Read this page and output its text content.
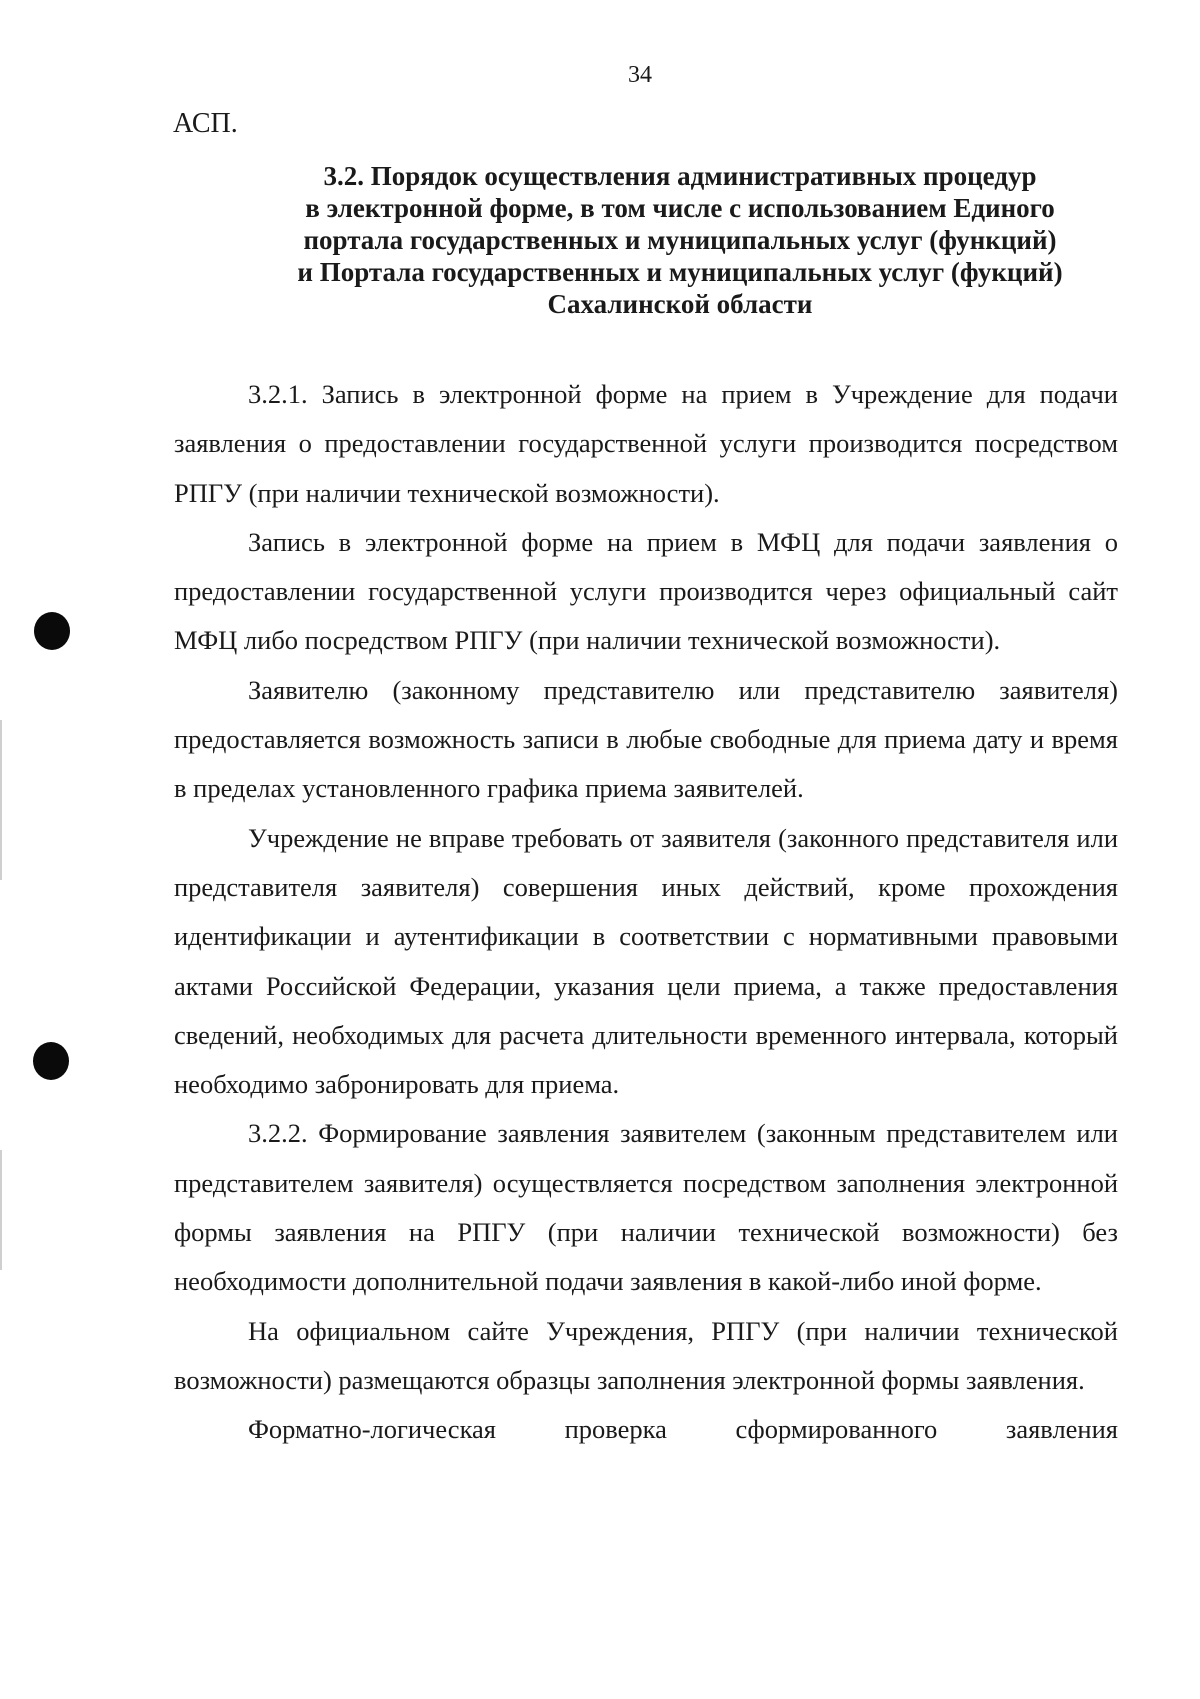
34
АСП.
3.2. Порядок осуществления административных процедур
в электронной форме, в том числе с использованием Единого
портала государственных и муниципальных услуг (функций)
и Портала государственных и муниципальных услуг (фукций)
Сахалинской области

3.2.1. Запись в электронной форме на прием в Учреждение для подачи заявления о предоставлении государственной услуги производится посредством РПГУ (при наличии технической возможности).

Запись в электронной форме на прием в МФЦ для подачи заявления о предоставлении государственной услуги производится через официальный сайт МФЦ либо посредством РПГУ (при наличии технической возможности).

Заявителю (законному представителю или представителю заявителя) предоставляется возможность записи в любые свободные для приема дату и время в пределах установленного графика приема заявителей.

Учреждение не вправе требовать от заявителя (законного представителя или представителя заявителя) совершения иных действий, кроме прохождения идентификации и аутентификации в соответствии с нормативными правовыми актами Российской Федерации, указания цели приема, а также предоставления сведений, необходимых для расчета длительности временного интервала, который необходимо забронировать для приема.

3.2.2. Формирование заявления заявителем (законным представителем или представителем заявителя) осуществляется посредством заполнения электронной формы заявления на РПГУ (при наличии технической возможности) без необходимости дополнительной подачи заявления в какой-либо иной форме.

На официальном сайте Учреждения, РПГУ (при наличии технической возможности) размещаются образцы заполнения электронной формы заявления.

Форматно-логическая проверка сформированного заявления
